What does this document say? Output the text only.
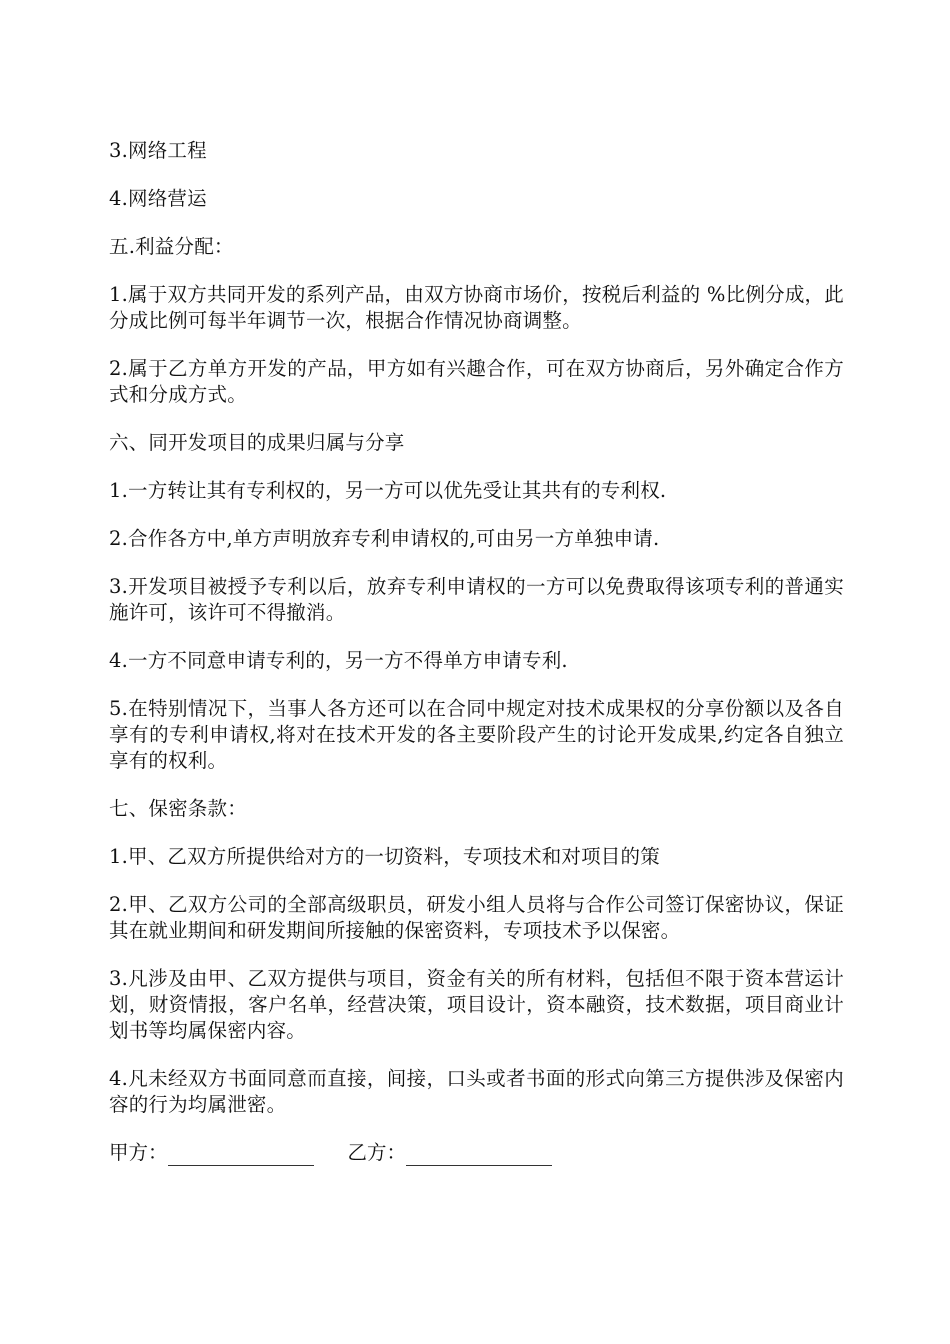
3.网络工程

4.网络营运

五.利益分配：

1.属于双方共同开发的系列产品，由双方协商市场价，按税后利益的 %比例分成，此分成比例可每半年调节一次，根据合作情况协商调整。

2.属于乙方单方开发的产品，甲方如有兴趣合作，可在双方协商后，另外确定合作方式和分成方式。

六、同开发项目的成果归属与分享

1.一方转让其有专利权的，另一方可以优先受让其共有的专利权.

2.合作各方中,单方声明放弃专利申请权的,可由另一方单独申请.

3.开发项目被授予专利以后，放弃专利申请权的一方可以免费取得该项专利的普通实施许可，该许可不得撤消。

4.一方不同意申请专利的，另一方不得单方申请专利.

5.在特别情况下，当事人各方还可以在合同中规定对技术成果权的分享份额以及各自享有的专利申请权,将对在技术开发的各主要阶段产生的讨论开发成果,约定各自独立享有的权利。

七、保密条款：

1.甲、乙双方所提供给对方的一切资料，专项技术和对项目的策

2.甲、乙双方公司的全部高级职员，研发小组人员将与合作公司签订保密协议，保证其在就业期间和研发期间所接触的保密资料，专项技术予以保密。

3.凡涉及由甲、乙双方提供与项目，资金有关的所有材料，包括但不限于资本营运计划，财资情报，客户名单，经营决策，项目设计，资本融资，技术数据，项目商业计划书等均属保密内容。

4.凡未经双方书面同意而直接，间接，口头或者书面的形式向第三方提供涉及保密内容的行为均属泄密。

甲方：	乙方：
